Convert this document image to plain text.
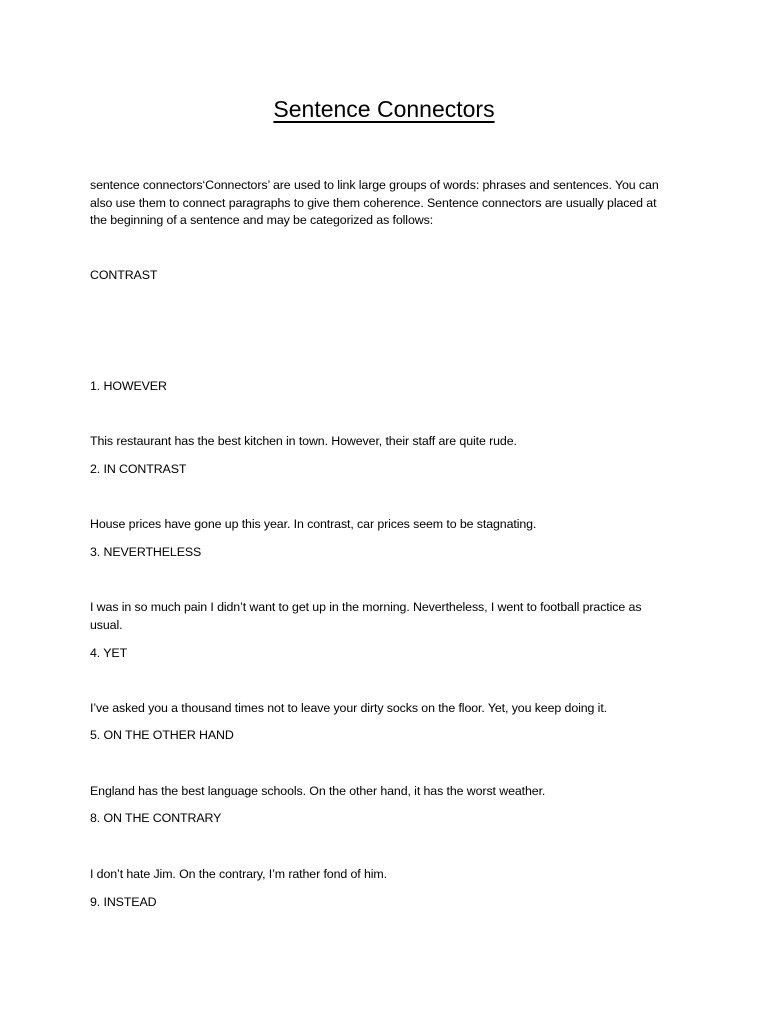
Sentence Connectors
sentence connectors‘Connectors’ are used to link large groups of words: phrases and sentences. You can
also use them to connect paragraphs to give them coherence. Sentence connectors are usually placed at
the beginning of a sentence and may be categorized as follows:
CONTRAST
1. HOWEVER
This restaurant has the best kitchen in town. However, their staff are quite rude.
2. IN CONTRAST
House prices have gone up this year. In contrast, car prices seem to be stagnating.
3. NEVERTHELESS
I was in so much pain I didn’t want to get up in the morning. Nevertheless, I went to football practice as
usual.
4. YET
I’ve asked you a thousand times not to leave your dirty socks on the floor. Yet, you keep doing it.
5. ON THE OTHER HAND
England has the best language schools. On the other hand, it has the worst weather.
8. ON THE CONTRARY
I don’t hate Jim. On the contrary, I’m rather fond of him.
9. INSTEAD
